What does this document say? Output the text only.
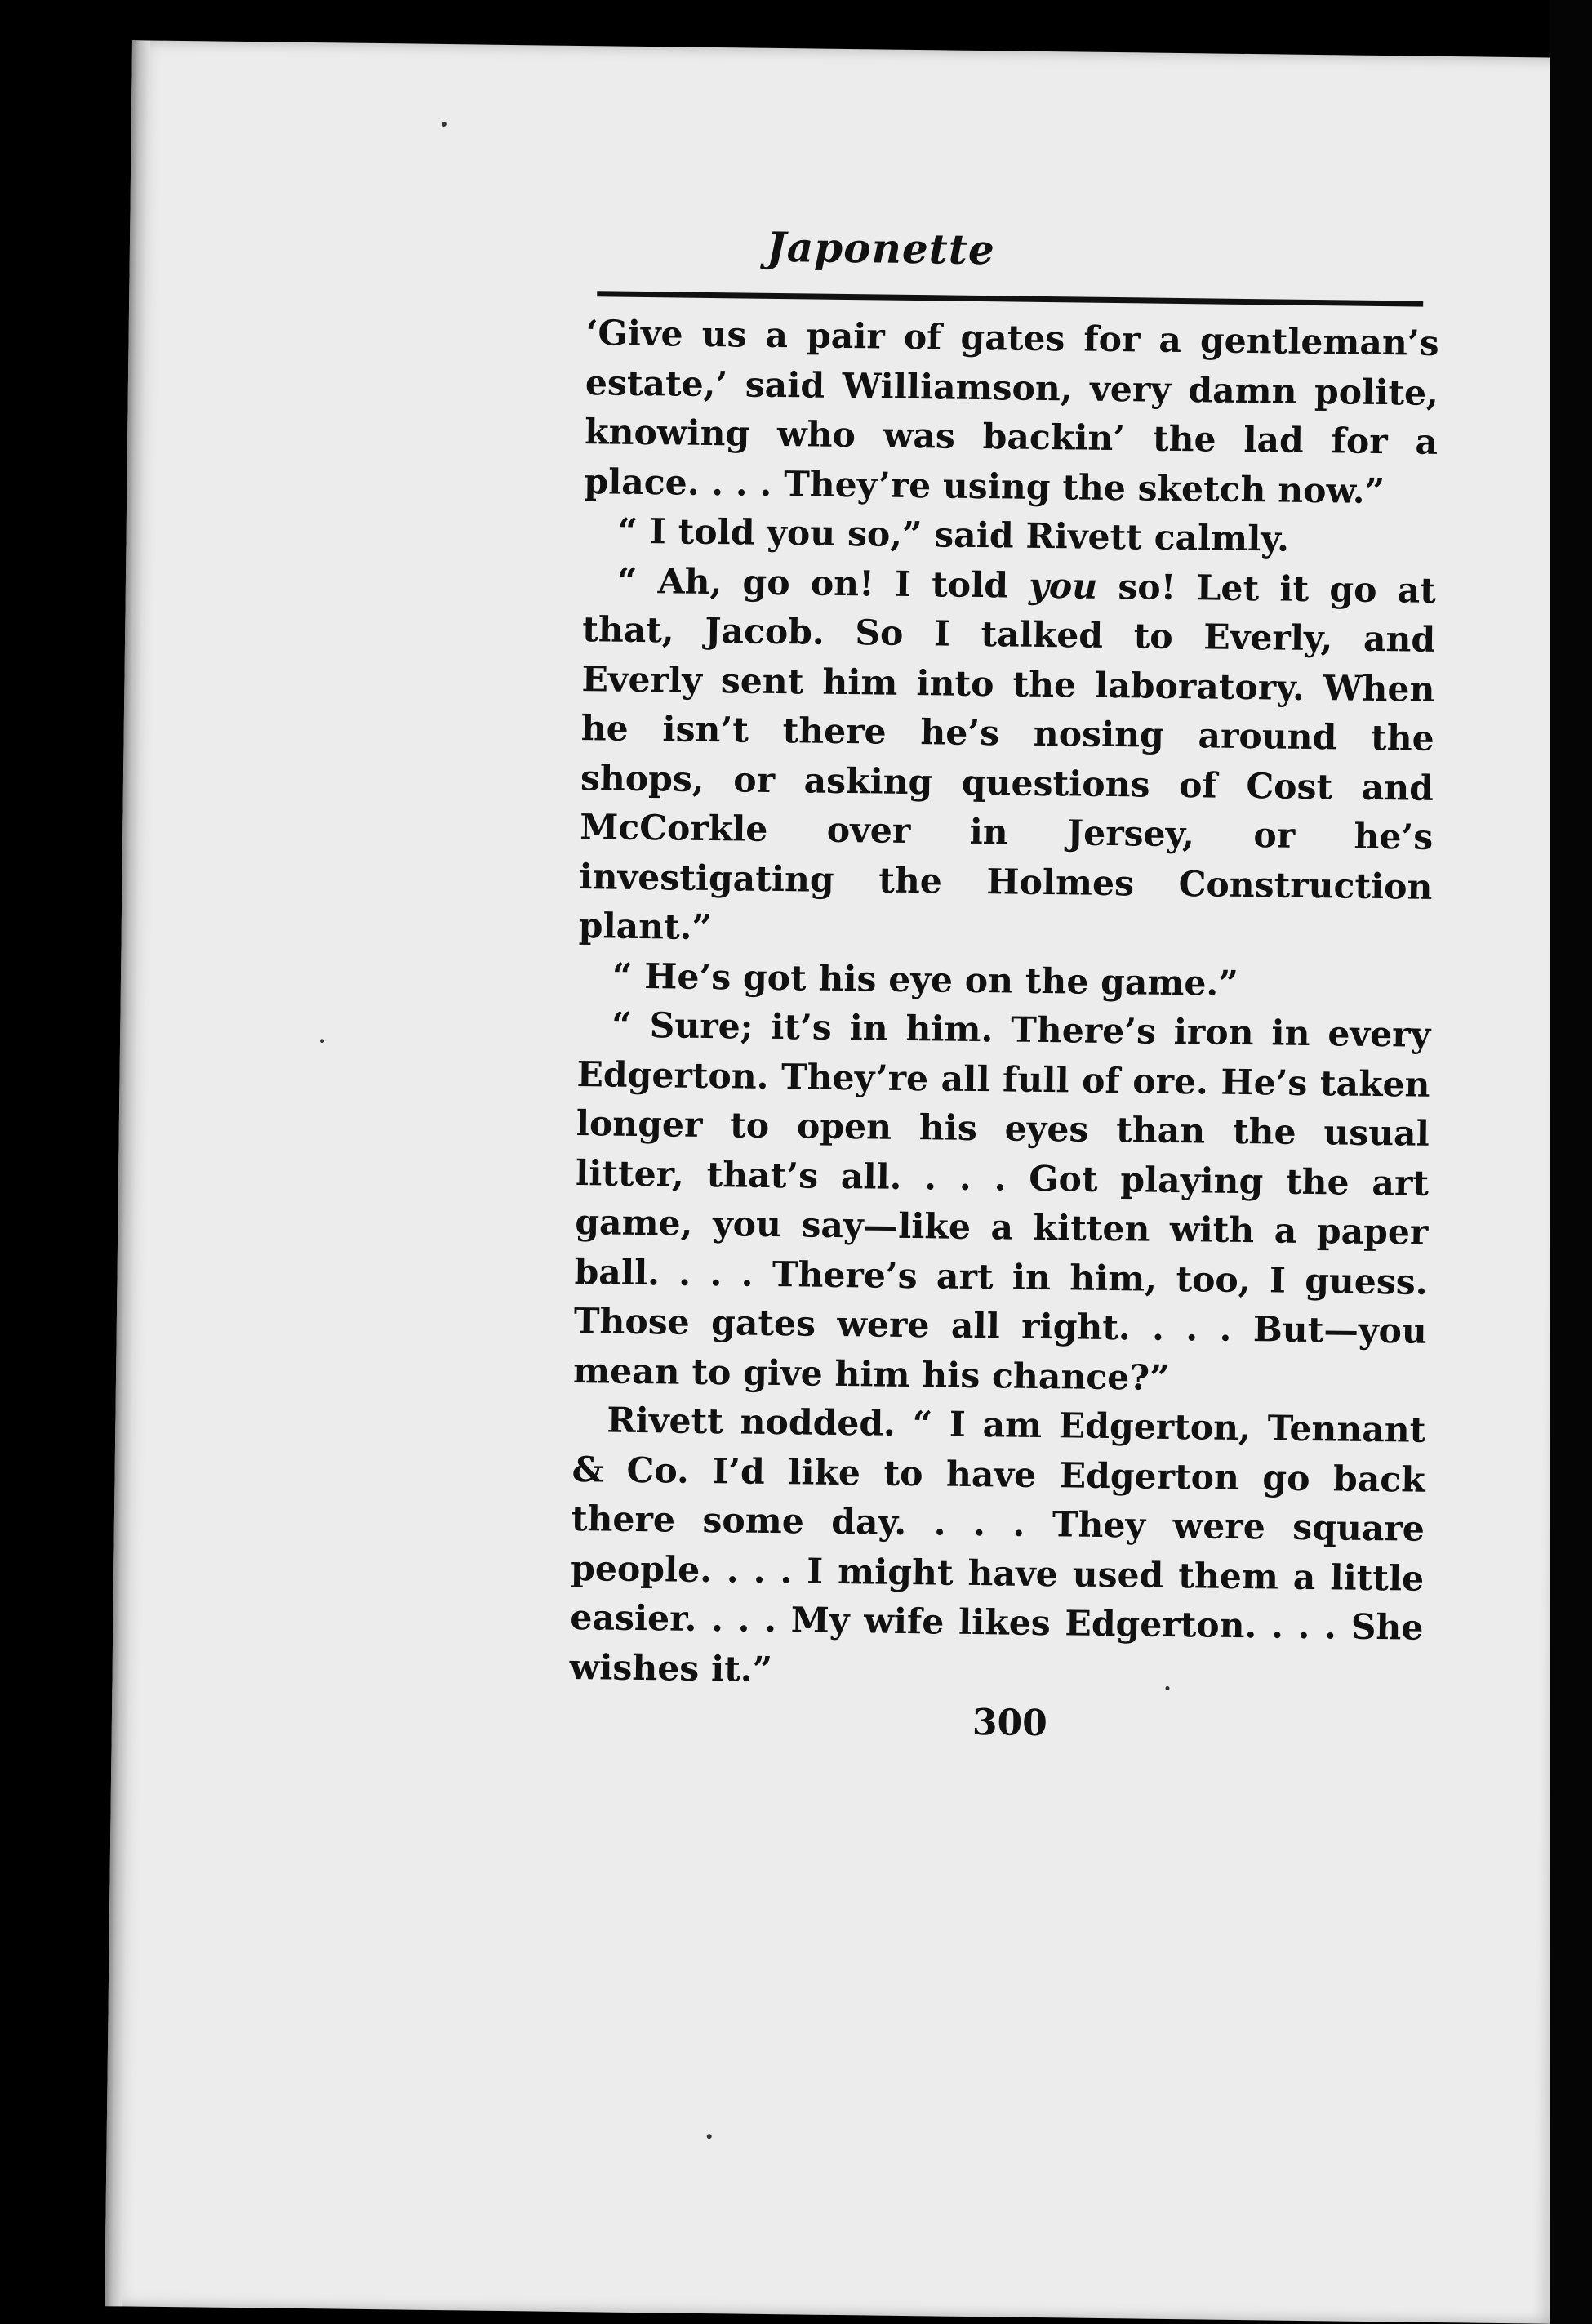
Japonette

‘Give us a pair of gates for a gentleman’s estate,’ said Williamson, very damn polite, knowing who was backin’ the lad for a place. . . . They’re using the sketch now.”

“ I told you so,” said Rivett calmly.

“ Ah, go on! I told you so! Let it go at that, Jacob. So I talked to Everly, and Everly sent him into the laboratory. When he isn’t there he’s nosing around the shops, or asking questions of Cost and McCorkle over in Jersey, or he’s investigating the Holmes Construction plant.”

“ He’s got his eye on the game.”

“ Sure; it’s in him. There’s iron in every Edgerton. They’re all full of ore. He’s taken longer to open his eyes than the usual litter, that’s all. . . . Got playing the art game, you say—like a kitten with a paper ball. . . . There’s art in him, too, I guess. Those gates were all right. . . . But—you mean to give him his chance?”

Rivett nodded. “ I am Edgerton, Tennant & Co. I’d like to have Edgerton go back there some day. . . . They were square people. . . . I might have used them a little easier. . . . My wife likes Edgerton. . . . She wishes it.”

300
